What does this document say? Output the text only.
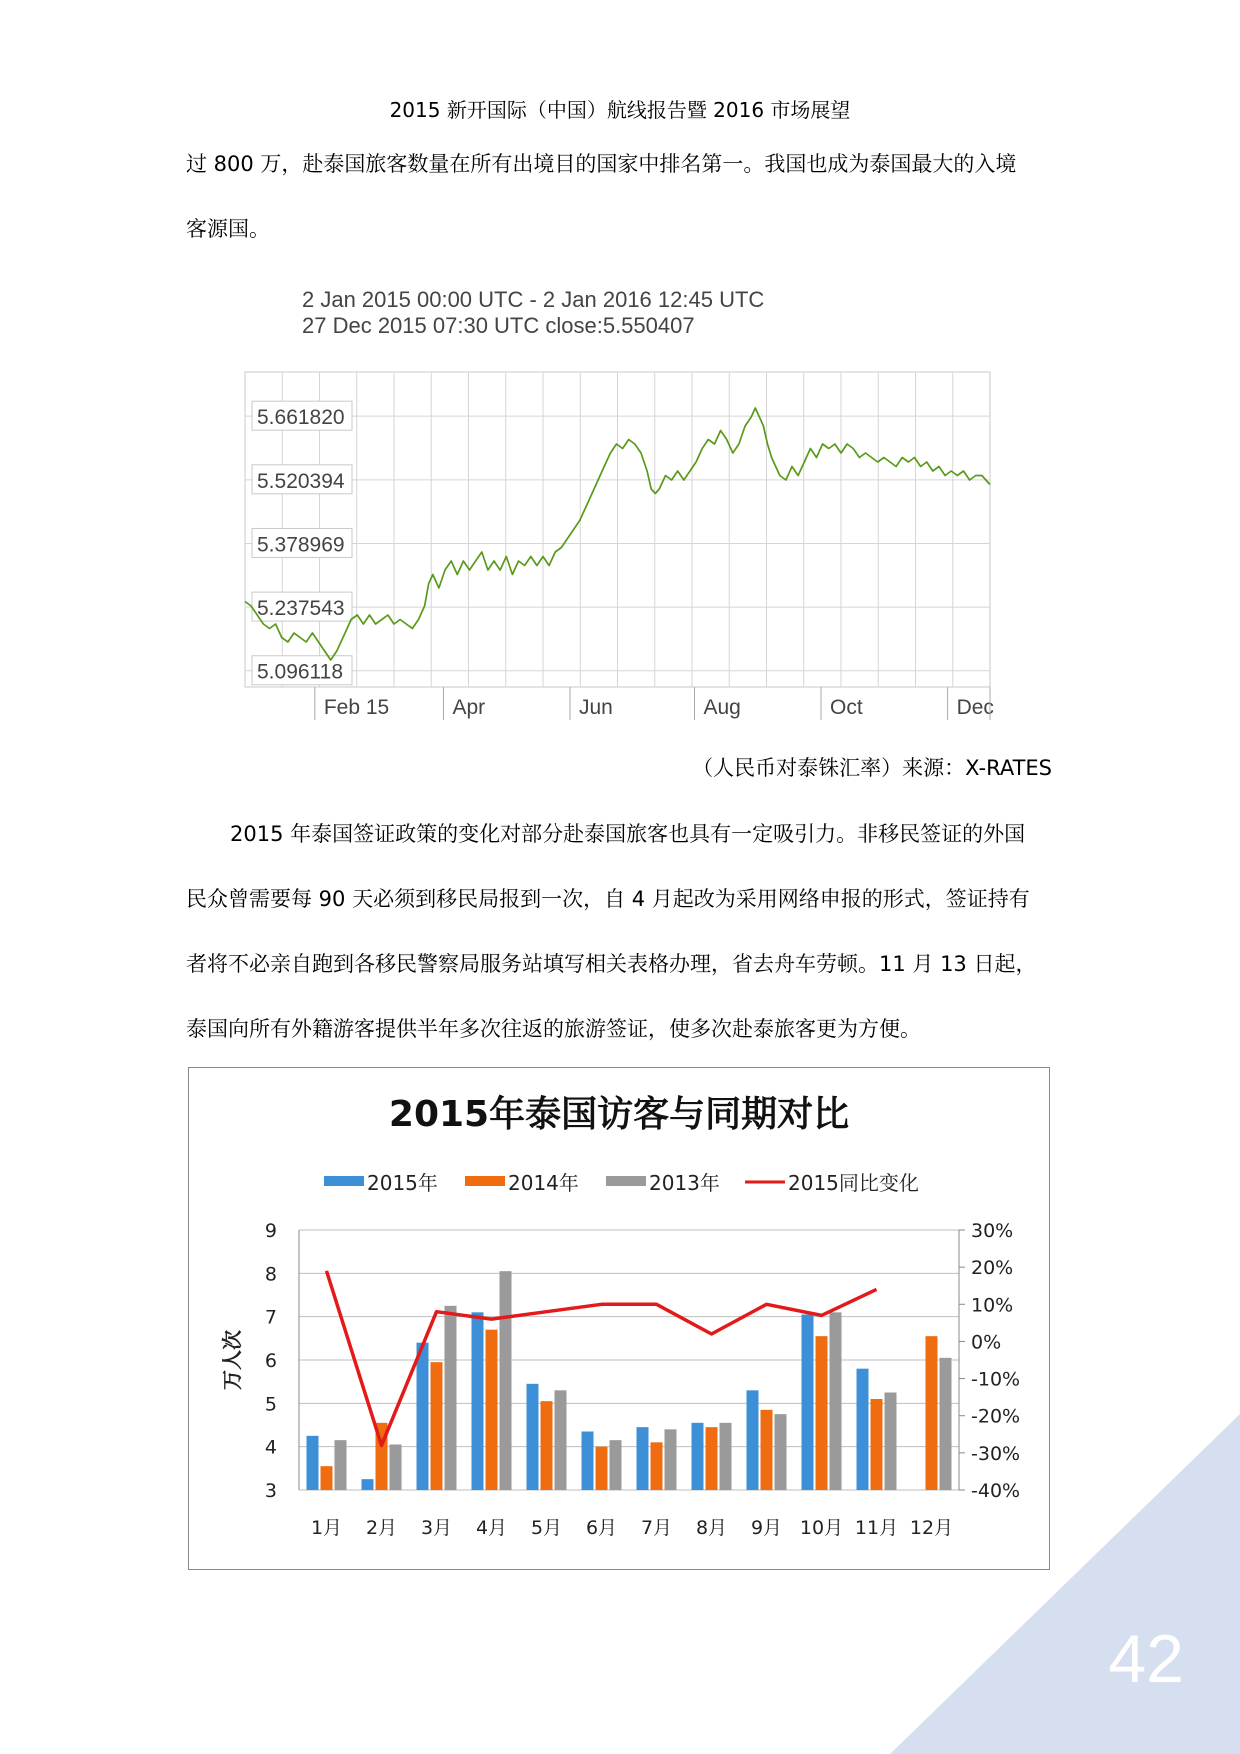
2015 新开国际（中国）航线报告暨 2016 市场展望
过 800 万，赴泰国旅客数量在所有出境目的国家中排名第一。我国也成为泰国最大的入境
客源国。
2 Jan 2015 00:00 UTC - 2 Jan 2016 12:45 UTC
27 Dec 2015 07:30 UTC close:5.550407
5.661820
5.520394
5.378969
5.237543
5.096118
Feb 15	Apr	Jun	Aug	Oct	Dec
（人民币对泰铢汇率）来源：X-RATES
2015 年泰国签证政策的变化对部分赴泰国旅客也具有一定吸引力。非移民签证的外国
民众曾需要每 90 天必须到移民局报到一次，自 4 月起改为采用网络申报的形式，签证持有
者将不必亲自跑到各移民警察局服务站填写相关表格办理，省去舟车劳顿。11 月 13 日起，
泰国向所有外籍游客提供半年多次往返的旅游签证，使多次赴泰旅客更为方便。
2015年泰国访客与同期对比
2015年	2014年	2013年	2015同比变化
9
8
7
6
5
4
3
30%
20%
10%
0%
-10%
-20%
-30%
-40%
万人次
1月 2月 3月 4月 5月 6月 7月 8月 9月 10月 11月 12月
42
